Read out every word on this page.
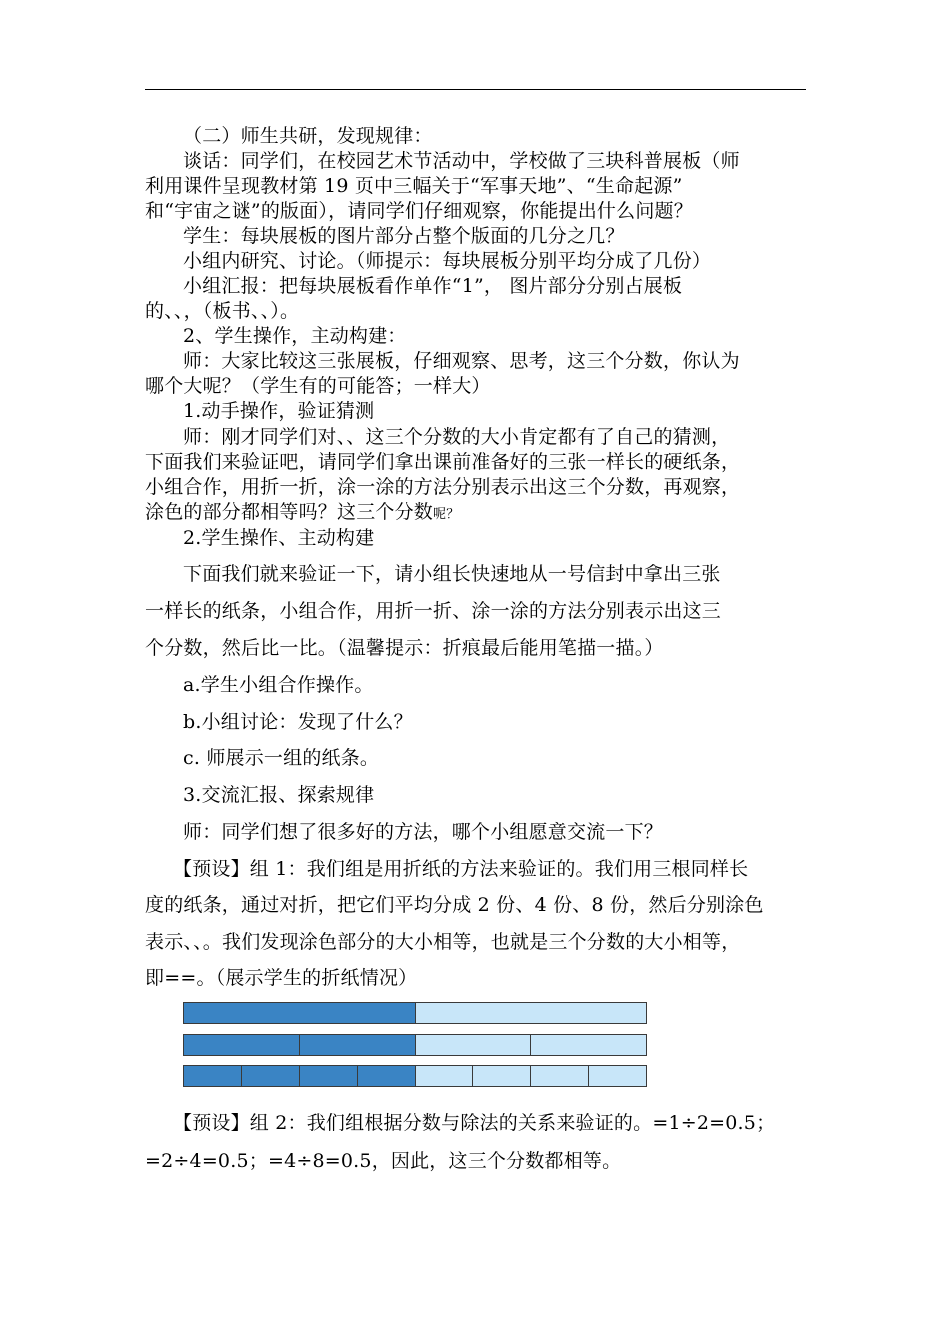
（二）师生共研，发现规律：
谈话：同学们，在校园艺术节活动中，学校做了三块科普展板（师
利用课件呈现教材第 19 页中三幅关于“军事天地”、“生命起源”
和“宇宙之谜”的版面），请同学们仔细观察，你能提出什么问题？
学生：每块展板的图片部分占整个版面的几分之几？
小组内研究、讨论。（师提示：每块展板分别平均分成了几份）
小组汇报：把每块展板看作单作“1”， 图片部分分别占展板
的、、，（板书、、）。
2、学生操作，主动构建：
师：大家比较这三张展板，仔细观察、思考，这三个分数，你认为
哪个大呢？（学生有的可能答；一样大）
1.动手操作，验证猜测
师：刚才同学们对、、这三个分数的大小肯定都有了自己的猜测，
下面我们来验证吧，请同学们拿出课前准备好的三张一样长的硬纸条，
小组合作，用折一折，涂一涂的方法分别表示出这三个分数，再观察，
涂色的部分都相等吗？这三个分数呢？
2.学生操作、主动构建
下面我们就来验证一下，请小组长快速地从一号信封中拿出三张
一样长的纸条，小组合作，用折一折、涂一涂的方法分别表示出这三
个分数，然后比一比。（温馨提示：折痕最后能用笔描一描。）
a.学生小组合作操作。
b.小组讨论：发现了什么？
c. 师展示一组的纸条。
3.交流汇报、探索规律
师：同学们想了很多好的方法，哪个小组愿意交流一下？
【预设】组 1：我们组是用折纸的方法来验证的。我们用三根同样长
度的纸条，通过对折，把它们平均分成 2 份、4 份、8 份，然后分别涂色
表示、、。我们发现涂色部分的大小相等，也就是三个分数的大小相等，
即==。（展示学生的折纸情况）
【预设】组 2：我们组根据分数与除法的关系来验证的。=1÷2=0.5；
=2÷4=0.5；=4÷8=0.5，因此，这三个分数都相等。
